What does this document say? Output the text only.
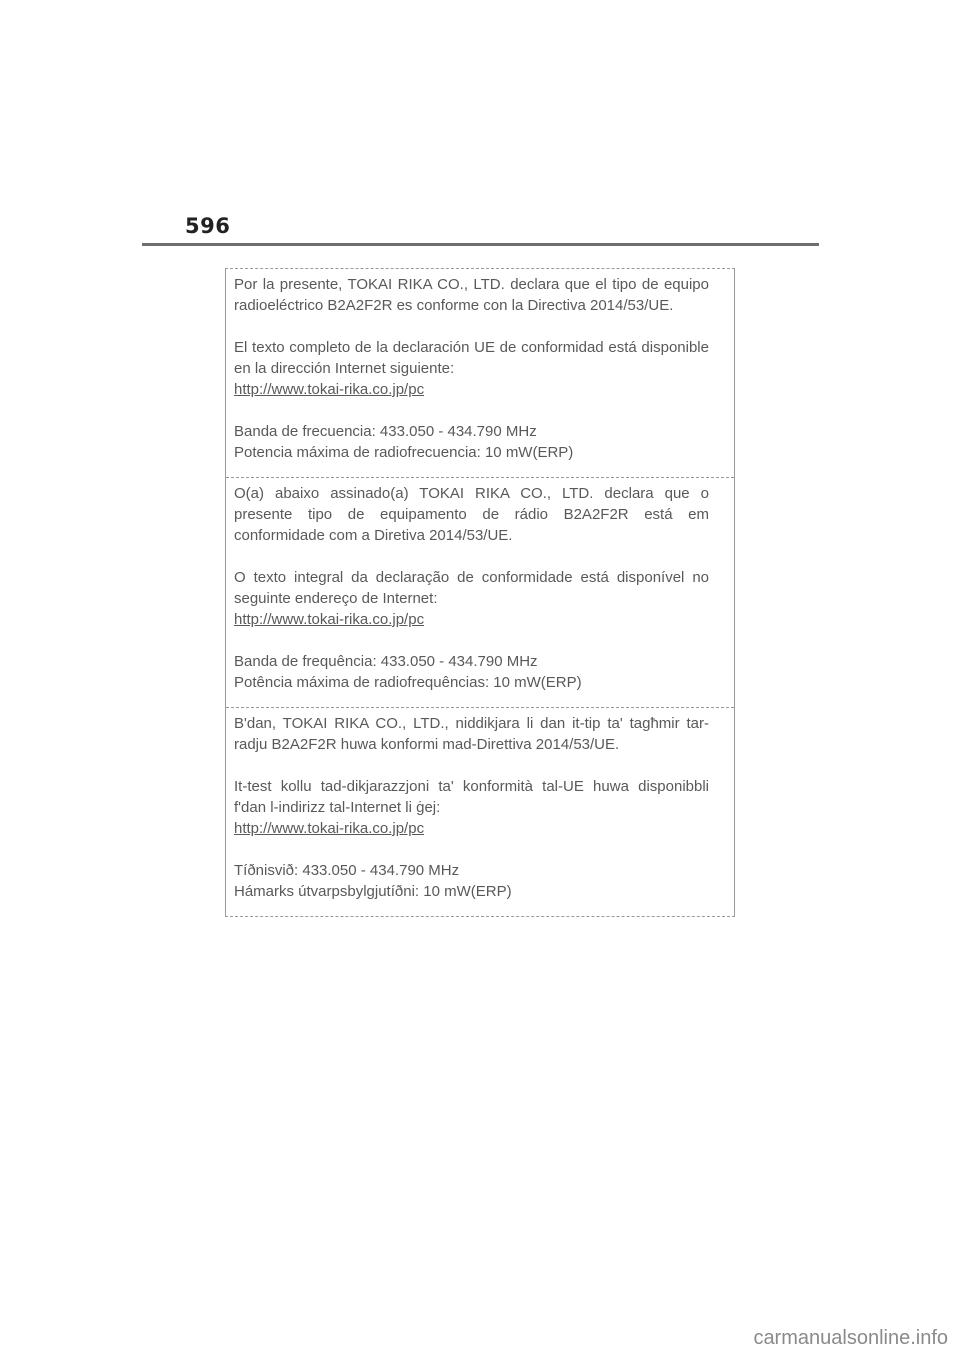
596

Por la presente, TOKAI RIKA CO., LTD. declara que el tipo de equipo radioeléctrico B2A2F2R es conforme con la Directiva 2014/53/UE.

El texto completo de la declaración UE de conformidad está disponible en la dirección Internet siguiente:

http://www.tokai-rika.co.jp/pc

Banda de frecuencia: 433.050 - 434.790 MHz

Potencia máxima de radiofrecuencia: 10 mW(ERP)

O(a) abaixo assinado(a) TOKAI RIKA CO., LTD. declara que o presente tipo de equipamento de rádio B2A2F2R está em conformidade com a Diretiva 2014/53/UE.

O texto integral da declaração de conformidade está disponível no seguinte endereço de Internet:

http://www.tokai-rika.co.jp/pc

Banda de frequência: 433.050 - 434.790 MHz

Potência máxima de radiofrequências: 10 mW(ERP)

B'dan, TOKAI RIKA CO., LTD., niddikjara li dan it-tip ta' tagħmir tar-radju B2A2F2R huwa konformi mad-Direttiva 2014/53/UE.

It-test kollu tad-dikjarazzjoni ta' konformità tal-UE huwa disponibbli f'dan l-indirizz tal-Internet li ġej:

http://www.tokai-rika.co.jp/pc

Tíðnisvið: 433.050 - 434.790 MHz

Hámarks útvarpsbylgjutíðni: 10 mW(ERP)

carmanualsonline.info
